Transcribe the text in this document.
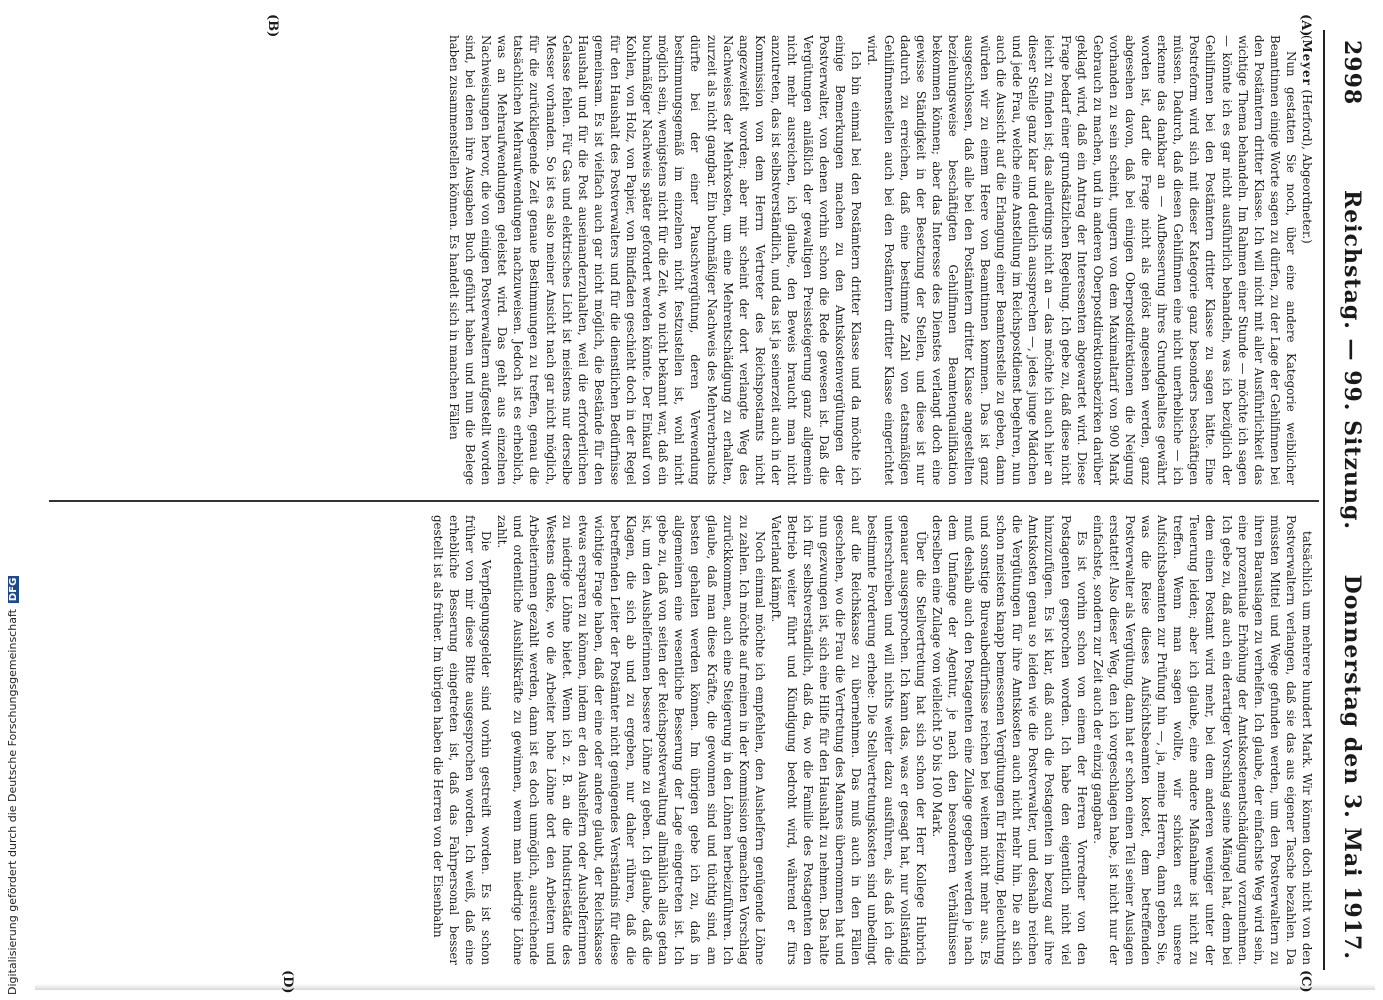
2998
Reichstag. — 99. Sitzung.
Donnerstag den 3. Mai 1917.
(A)
(B)
(C)
(D)

(Meyer (Herford), Abgeordneter.)

Nun gestatten Sie noch, über eine andere Kategorie weiblicher Beamtinnen einige Worte sagen zu dürfen, zu der Lage der Gehilfinnen bei den Postämtern dritter Klasse. Ich will nicht mit aller Ausführlichkeit das wichtige Thema behandeln. Im Rahmen einer Stunde — möchte ich sagen — könnte ich es gar nicht ausführlich behandeln, was ich bezüglich der Gehilfinnen bei den Postämtern dritter Klasse zu sagen hätte. Eine Postreform wird sich mit dieser Kategorie ganz besonders beschäftigen müssen. Dadurch, daß diesen Gehilfinnen eine nicht unerhebliche — ich erkenne das dankbar an — Aufbesserung ihres Grundgehaltes gewährt worden ist, darf die Frage nicht als gelöst angesehen werden, ganz abgesehen davon, daß bei einigen Oberpostdirektionen die Neigung vorhanden zu sein scheint, ungern von dem Maximaltarif von 900 Mark Gebrauch zu machen, und in anderen Oberpostdirektionsbezirken darüber geklagt wird, daß ein Antrag der Interessenten abgewartet wird. Diese Frage bedarf einer grundsätzlichen Regelung. Ich gebe zu, daß diese nicht leicht zu finden ist; das allerdings nicht an — das möchte ich auch hier an dieser Stelle ganz klar und deutlich aussprechen —, jedes junge Mädchen und jede Frau, welche eine Anstellung im Reichspostdienst begehren, nun auch die Aussicht auf die Erlangung einer Beamtenstelle zu geben, dann würden wir zu einem Heere von Beamtinnen kommen. Das ist ganz ausgeschlossen, daß alle bei den Postämtern dritter Klasse angestellten beziehungsweise beschäftigten Gehilfinnen Beamtenqualifikation bekommen können; aber das Interesse des Dienstes verlangt doch eine gewisse Ständigkeit in der Besetzung der Stellen, und diese ist nur dadurch zu erreichen, daß eine bestimmte Zahl von etatsmäßigen Gehilfinnenstellen auch bei den Postämtern dritter Klasse eingerichtet wird.

Ich bin einmal bei den Postämtern dritter Klasse und da möchte ich einige Bemerkungen machen zu den Amtskostenvergütungen der Postverwalter, von denen vorhin schon die Rede gewesen ist. Daß die Vergütungen anläßlich der gewaltigen Preissteigerung ganz allgemein nicht mehr ausreichen, ich glaube, den Beweis braucht man nicht anzutreten, das ist selbstverständlich, und das ist ja seinerzeit auch in der Kommission von dem Herrn Vertreter des Reichspostamts nicht angezweifelt worden; aber mir scheint der dort verlangte Weg des Nachweises der Mehrkosten, um eine Mehrentschädigung zu erhalten, zurzeit als nicht gangbar. Ein buchmäßiger Nachweis des Mehrverbrauchs dürfte bei der einer Pauschvergütung, deren Verwendung bestimmungsgemäß im einzelnen nicht festzustellen ist, wohl nicht möglich sein, wenigstens nicht für die Zeit, wo nicht bekannt war, daß ein buchmäßiger Nachweis später gefordert werden könnte. Der Einkauf von Kohlen, von Holz, von Papier, von Bindfaden geschieht doch in der Regel für den Haushalt des Postverwalters und für die dienstlichen Bedürfnisse gemeinsam. Es ist vielfach auch gar nicht möglich, die Bestände für den Haushalt und für die Post auseinanderzuhalten, weil die erforderlichen Gelasse fehlen. Für Gas und elektrisches Licht ist meistens nur derselbe Messer vorhanden. So ist es also meiner Ansicht nach gar nicht möglich, für die zurückliegende Zeit genaue Bestimmungen zu treffen, genau die tatsächlichen Mehraufwendungen nachzuweisen. Jedoch ist es erheblich, was an Mehraufwendungen geleistet wird. Das geht aus einzelnen Nachweisungen hervor, die von einigen Postverwaltern aufgestellt worden sind, bei denen ihre Ausgaben Buch geführt haben und nun die Belege haben zusammenstellen können. Es handelt sich in manchen Fällen

tatsächlich um mehrere hundert Mark. Wir können doch nicht von den Postverwaltern verlangen, daß sie das aus eigener Tasche bezahlen. Da müssten Mittel und Wege gefunden werden, um den Postverwaltern zu ihren Barauslagen zu verhelfen. Ich glaube, der einfachste Weg wird sein, eine prozentuale Erhöhung der Amtskostenentschädigung vorzunehmen. Ich gebe zu, daß auch ein derartiger Vorschlag seine Mängel hat, denn bei dem einen Postamt wird mehr, bei dem anderen weniger unter der Teuerung leiden; aber ich glaube, eine andere Maßnahme ist nicht zu treffen. Wenn man sagen wollte, wir schicken erst unsere Aufsichtsbeamten zur Prüfung hin —, ja, meine Herren, dann geben Sie, was die Reise dieses Aufsichtsbeamten kostet, dem betreffenden Postverwalter als Vergütung, dann hat er schon einen Teil seiner Auslagen erstattet! Also dieser Weg, den ich vorgeschlagen habe, ist nicht nur der einfachste, sondern zur Zeit auch der einzig gangbare.

Es ist vorhin schon von einem der Herren Vorredner von den Postagenten gesprochen worden. Ich habe den eigentlich nicht viel hinzuzufügen. Es ist klar, daß auch die Postagenten in bezug auf ihre Amtskosten genau so leiden wie die Postverwalter, und deshalb reichen die Vergütungen für ihre Amtskosten auch nicht mehr hin. Die an sich schon meistens knapp bemessenen Vergütungen für Heizung, Beleuchtung und sonstige Bureaubedürfnisse reichen bei weitem nicht mehr aus. Es muß deshalb auch den Postagenten eine Zulage gegeben werden je nach dem Umfange der Agentur, je nach den besonderen Verhältnissen derselben eine Zulage von vielleicht 50 bis 100 Mark.

Über die Stellvertretung hat sich schon der Herr Kollege Hubrich genauer ausgesprochen. Ich kann das, was er gesagt hat, nur vollständig unterschreiben und will nichts weiter dazu ausführen, als daß ich die bestimmte Forderung erhebe: Die Stellvertretungskosten sind unbedingt auf die Reichskasse zu übernehmen. Das muß auch in den Fällen geschehen, wo die Frau die Vertretung des Mannes übernommen hat und nun gezwungen ist, sich eine Hilfe für den Haushalt zu nehmen. Das halte ich für selbstverständlich, daß da, wo die Familie des Postagenten den Betrieb weiter führt und Kündigung bedroht wird, während er fürs Vaterland kämpft.

Noch einmal möchte ich empfehlen, den Aushelfern genügende Löhne zu zahlen. Ich möchte auf meinen in der Kommission gemachten Vorschlag zurückkommen, auch eine Steigerung in den Löhnen herbeizuführen. Ich glaube, daß man diese Kräfte, die gewonnen sind und tüchtig sind, am besten gehalten werden können. Im übrigen gebe ich zu, daß in allgemeinen eine wesentliche Besserung der Lage eingetreten ist. Ich gebe zu, daß von seiten der Reichspostverwaltung allmählich alles getan ist, um den Aushelferinnen bessere Löhne zu geben. Ich glaube, daß die Klagen, die sich ab und zu ergeben, nur daher rühren, daß die betreffenden Leiter der Postämter nicht genügendes Verständnis für diese wichtige Frage haben, daß der eine oder andere glaubt, der Reichskasse etwas ersparen zu können, indem er den Aushelfern oder Aushelferinnen zu niedrige Löhne bietet. Wenn ich z. B. an die Industriestädte des Westens denke, wo die Arbeiter hohe Löhne dort den Arbeitern und Arbeiterinnen gezahlt werden, dann ist es doch unmöglich, ausreichende und ordentliche Aushilfskräfte zu gewinnen, wenn man niedrige Löhne zahlt.

Die Verpflegungsgelder sind vorhin gestreift worden. Es ist schon früher von mir diese Bitte ausgesprochen worden. Ich weiß, daß eine erhebliche Besserung eingetreten ist, daß das Fahrpersonal besser gestellt ist als früher. Im übrigen haben die Herren von der Eisenbahn

Digitalisierung gefördert durch die Deutsche ForschungsgemeinschaftDFG
